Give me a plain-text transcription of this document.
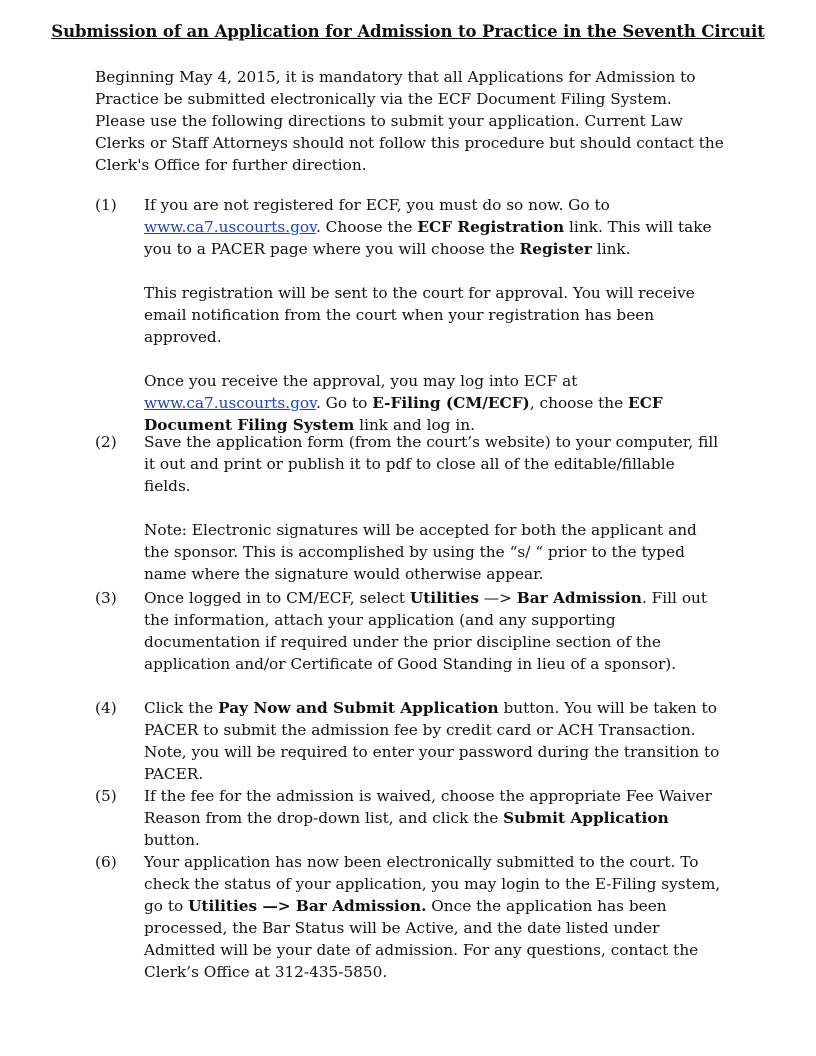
Submission of an Application for Admission to Practice in the Seventh Circuit
Beginning May 4, 2015, it is mandatory that all Applications for Admission to Practice be submitted electronically via the ECF Document Filing System. Please use the following directions to submit your application. Current Law Clerks or Staff Attorneys should not follow this procedure but should contact the Clerk's Office for further direction.
(1) If you are not registered for ECF, you must do so now. Go to www.ca7.uscourts.gov. Choose the ECF Registration link. This will take you to a PACER page where you will choose the Register link.

This registration will be sent to the court for approval. You will receive email notification from the court when your registration has been approved.

Once you receive the approval, you may log into ECF at www.ca7.uscourts.gov. Go to E-Filing (CM/ECF), choose the ECF Document Filing System link and log in.

(2) Save the application form (from the court’s website) to your computer, fill it out and print or publish it to pdf to close all of the editable/fillable fields.

Note: Electronic signatures will be accepted for both the applicant and the sponsor. This is accomplished by using the “s/ “ prior to the typed name where the signature would otherwise appear.

(3) Once logged in to CM/ECF, select Utilities —> Bar Admission. Fill out the information, attach your application (and any supporting documentation if required under the prior discipline section of the application and/or Certificate of Good Standing in lieu of a sponsor).

(4) Click the Pay Now and Submit Application button. You will be taken to PACER to submit the admission fee by credit card or ACH Transaction. Note, you will be required to enter your password during the transition to PACER.

(5) If the fee for the admission is waived, choose the appropriate Fee Waiver Reason from the drop-down list, and click the Submit Application button.

(6) Your application has now been electronically submitted to the court. To check the status of your application, you may login to the E-Filing system, go to Utilities —> Bar Admission. Once the application has been processed, the Bar Status will be Active, and the date listed under Admitted will be your date of admission. For any questions, contact the Clerk’s Office at 312-435-5850.
